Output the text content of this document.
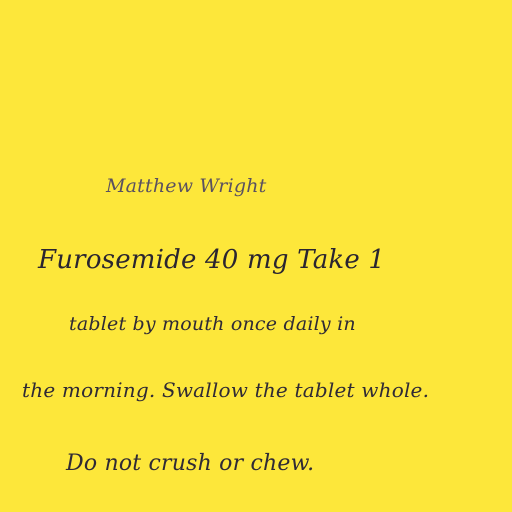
Matthew Wright
Furosemide 40 mg Take 1
tablet by mouth once daily in
the morning. Swallow the tablet whole.
Do not crush or chew.
